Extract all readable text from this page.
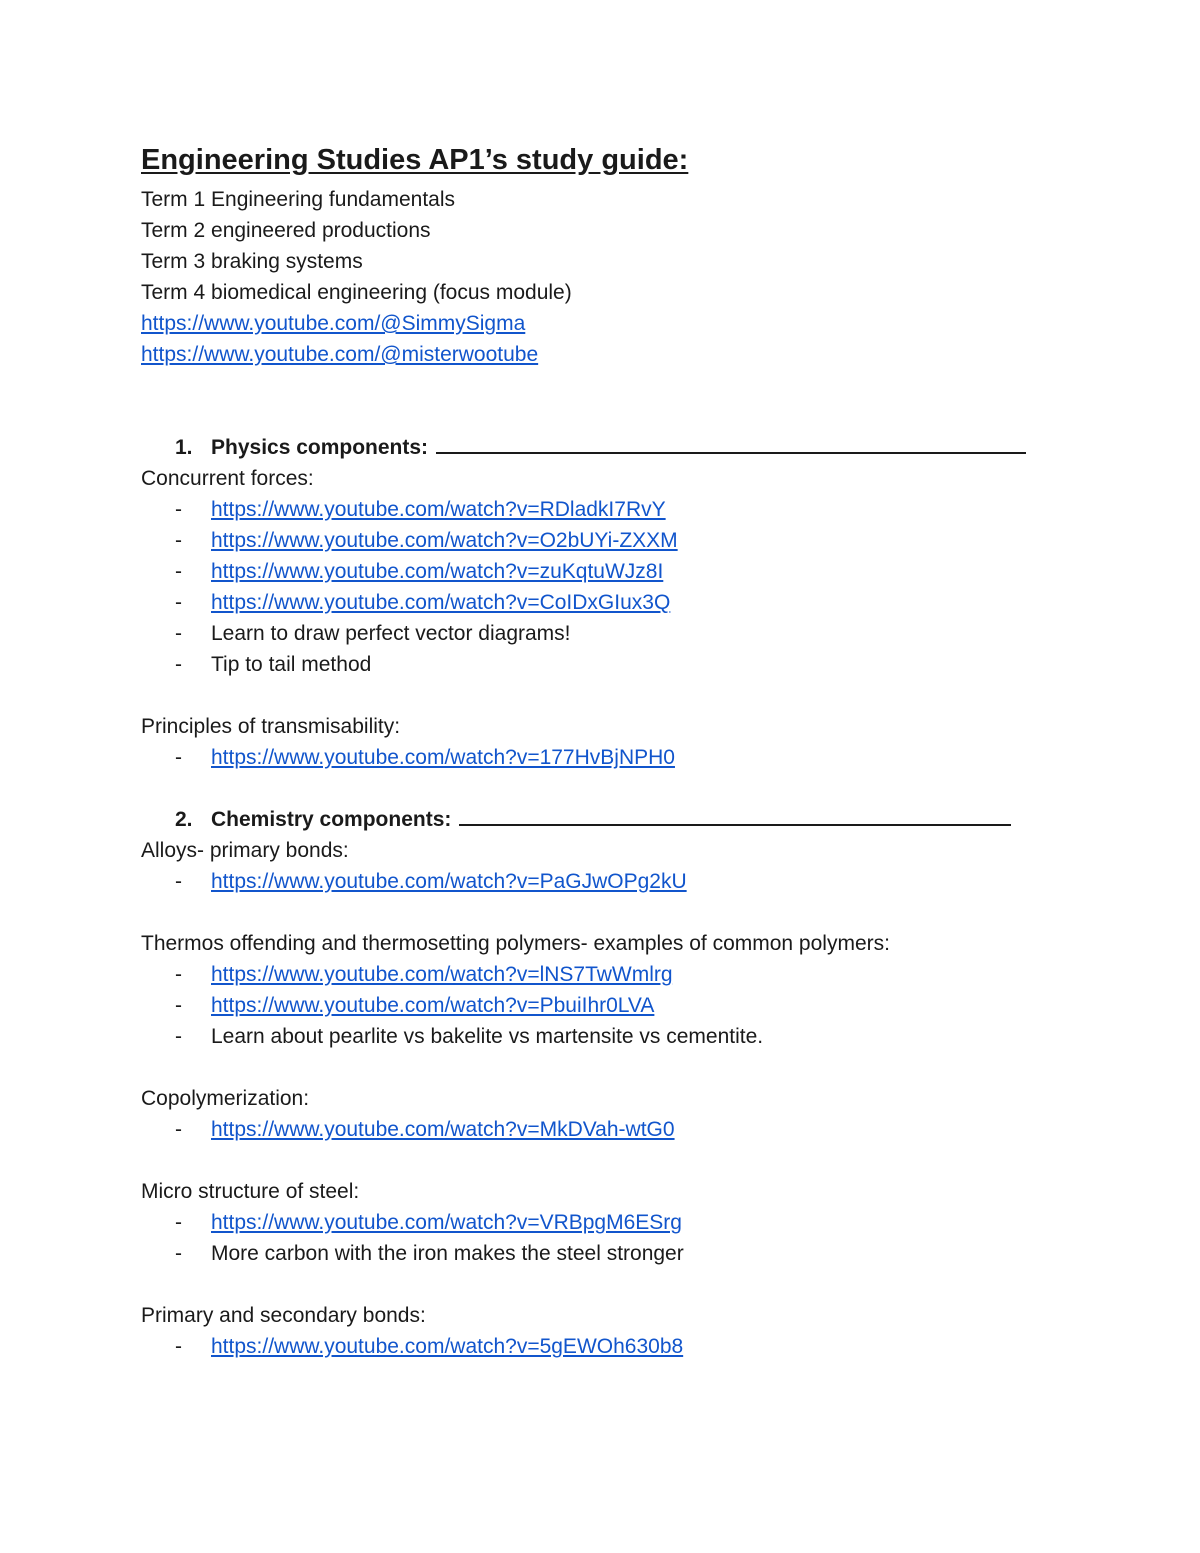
Engineering Studies AP1’s study guide:
Term 1 Engineering fundamentals
Term 2 engineered productions
Term 3 braking systems
Term 4 biomedical engineering (focus module)
https://www.youtube.com/@SimmySigma
https://www.youtube.com/@misterwootube
1. Physics components:
Concurrent forces:
- https://www.youtube.com/watch?v=RDladkI7RvY
- https://www.youtube.com/watch?v=O2bUYi-ZXXM
- https://www.youtube.com/watch?v=zuKqtuWJz8I
- https://www.youtube.com/watch?v=CoIDxGIux3Q
- Learn to draw perfect vector diagrams!
- Tip to tail method
Principles of transmisability:
- https://www.youtube.com/watch?v=177HvBjNPH0
2. Chemistry components:
Alloys- primary bonds:
- https://www.youtube.com/watch?v=PaGJwOPg2kU
Thermos offending and thermosetting polymers- examples of common polymers:
- https://www.youtube.com/watch?v=lNS7TwWmlrg
- https://www.youtube.com/watch?v=PbuiIhr0LVA
- Learn about pearlite vs bakelite vs martensite vs cementite.
Copolymerization:
- https://www.youtube.com/watch?v=MkDVah-wtG0
Micro structure of steel:
- https://www.youtube.com/watch?v=VRBpgM6ESrg
- More carbon with the iron makes the steel stronger
Primary and secondary bonds:
- https://www.youtube.com/watch?v=5gEWOh630b8
